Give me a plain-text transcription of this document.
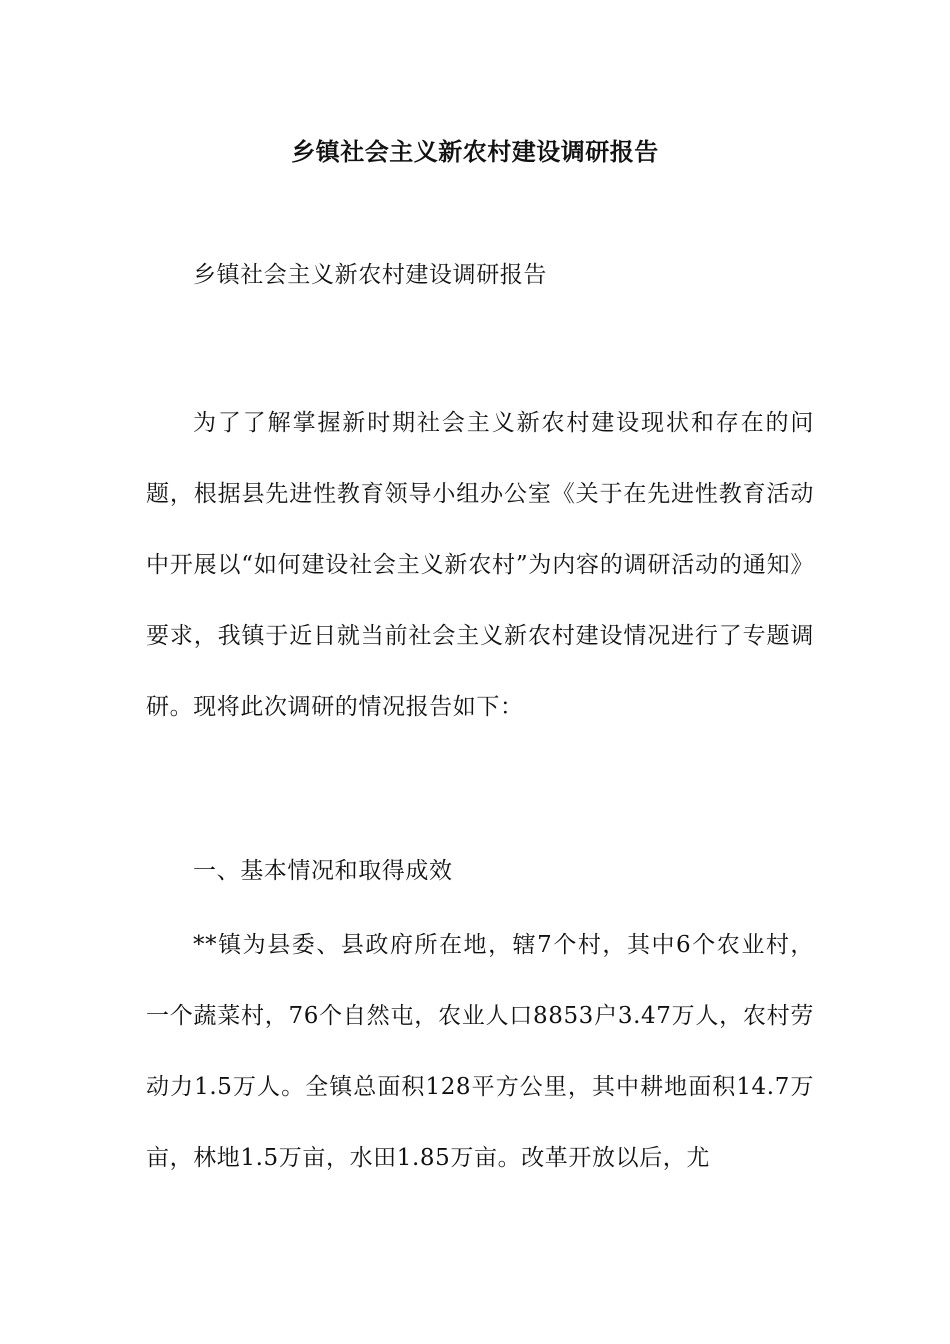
乡镇社会主义新农村建设调研报告

乡镇社会主义新农村建设调研报告

为了了解掌握新时期社会主义新农村建设现状和存在的问题，根据县先进性教育领导小组办公室《关于在先进性教育活动中开展以“如何建设社会主义新农村”为内容的调研活动的通知》要求，我镇于近日就当前社会主义新农村建设情况进行了专题调研。现将此次调研的情况报告如下：

一、基本情况和取得成效

**镇为县委、县政府所在地，辖7个村，其中6个农业村，一个蔬菜村，76个自然屯，农业人口8853户3.47万人，农村劳动力1.5万人。全镇总面积128平方公里，其中耕地面积14.7万亩，林地1.5万亩，水田1.85万亩。改革开放以后，尤
